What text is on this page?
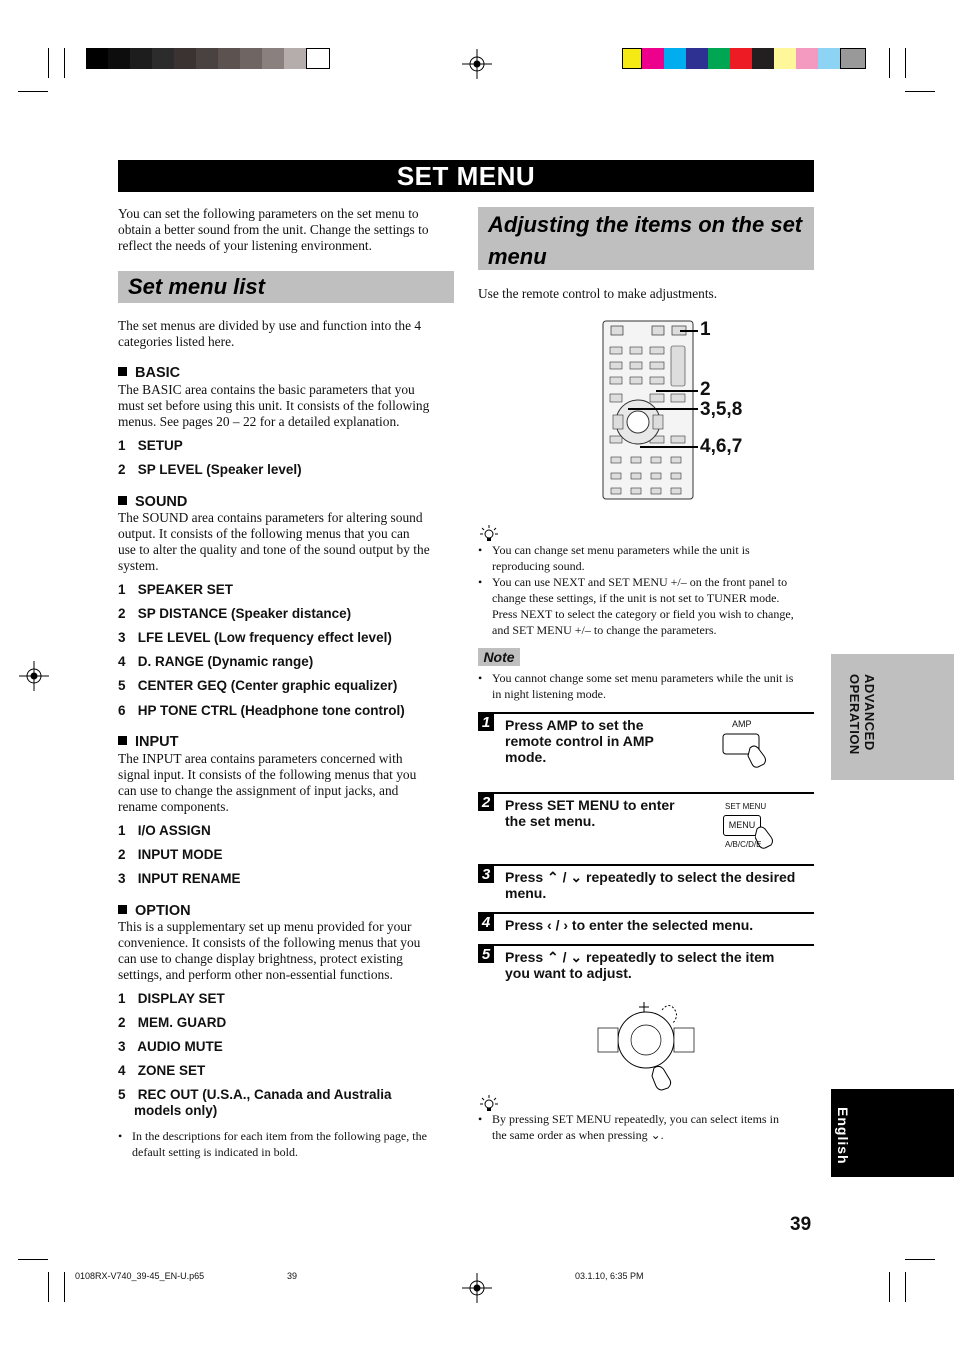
SET MENU
You can set the following parameters on the set menu to
obtain a better sound from the unit. Change the settings to
reflect the needs of your listening environment.
Set menu list
The set menus are divided by use and function into the 4
categories listed here.
BASIC
The BASIC area contains the basic parameters that you
must set before using this unit. It consists of the following
menus. See pages 20 – 22 for a detailed explanation.
1 SETUP
2 SP LEVEL (Speaker level)
SOUND
The SOUND area contains parameters for altering sound
output. It consists of the following menus that you can
use to alter the quality and tone of the sound output by the
system.
1 SPEAKER SET
2 SP DISTANCE (Speaker distance)
3 LFE LEVEL (Low frequency effect level)
4 D. RANGE (Dynamic range)
5 CENTER GEQ (Center graphic equalizer)
6 HP TONE CTRL (Headphone tone control)
INPUT
The INPUT area contains parameters concerned with
signal input. It consists of the following menus that you
can use to change the assignment of input jacks, and
rename components.
1 I/O ASSIGN
2 INPUT MODE
3 INPUT RENAME
OPTION
This is a supplementary set up menu provided for your
convenience. It consists of the following menus that you
can use to change display brightness, protect existing
settings, and perform other non-essential functions.
1 DISPLAY SET
2 MEM. GUARD
3 AUDIO MUTE
4 ZONE SET
5 REC OUT (U.S.A., Canada and Australia
models only)
• In the descriptions for each item from the following page, the
default setting is indicated in bold.
Adjusting the items on the set
menu
Use the remote control to make adjustments.
1
2
3,5,8
4,6,7
• You can change set menu parameters while the unit is
reproducing sound.
• You can use NEXT and SET MENU +/– on the front panel to
change these settings, if the unit is not set to TUNER mode.
Press NEXT to select the category or field you wish to change,
and SET MENU +/– to change the parameters.
Note
• You cannot change some set menu parameters while the unit is
in night listening mode.
1 Press AMP to set the
remote control in AMP
mode.
AMP
2 Press SET MENU to enter
the set menu.
SET MENU
MENU
A/B/C/D/E
3 Press ⌃ / ⌄ repeatedly to select the desired
menu.
4 Press ‹ / › to enter the selected menu.
5 Press ⌃ / ⌄ repeatedly to select the item
you want to adjust.
• By pressing SET MENU repeatedly, you can select items in
the same order as when pressing ⌄.
ADVANCED OPERATION
English
39
0108RX-V740_39-45_EN-U.p65	39	03.1.10, 6:35 PM
